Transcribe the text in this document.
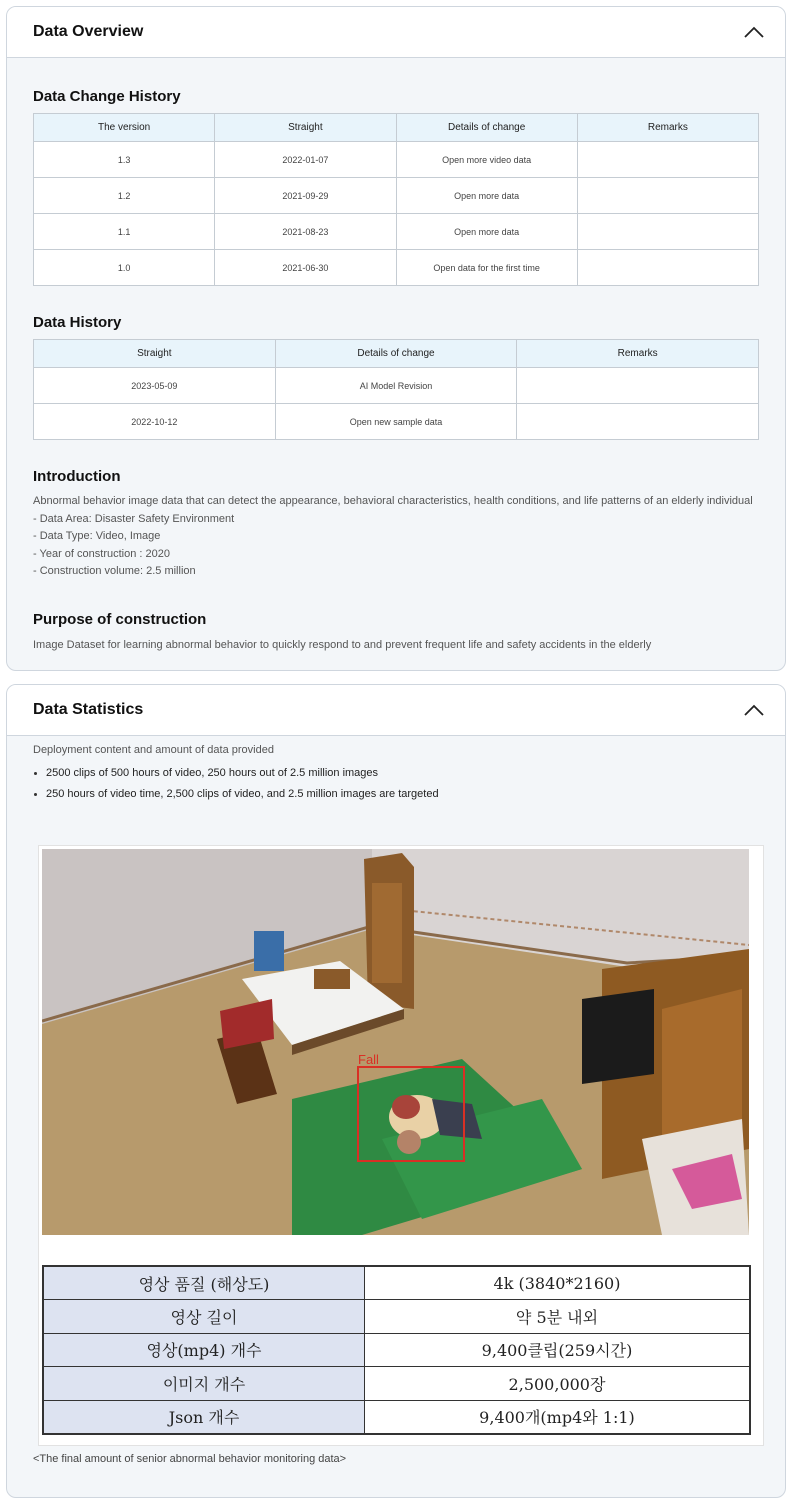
Data Overview
Data Change History
The version	Straight	Details of change	Remarks
1.3	2022-01-07	Open more video data	
1.2	2021-09-29	Open more data	
1.1	2021-08-23	Open more data	
1.0	2021-06-30	Open data for the first time	
Data History
Straight	Details of change	Remarks
2023-05-09	AI Model Revision	
2022-10-12	Open new sample data	
Introduction
Abnormal behavior image data that can detect the appearance, behavioral characteristics, health conditions, and life patterns of an elderly individual
- Data Area: Disaster Safety Environment
- Data Type: Video, Image
- Year of construction : 2020
- Construction volume: 2.5 million
Purpose of construction
Image Dataset for learning abnormal behavior to quickly respond to and prevent frequent life and safety accidents in the elderly
Data Statistics
Deployment content and amount of data provided
2500 clips of 500 hours of video, 250 hours out of 2.5 million images
250 hours of video time, 2,500 clips of video, and 2.5 million images are targeted
Fall
영상 품질 (해상도)	4k (3840*2160)
영상 길이	약 5분 내외
영상(mp4) 개수	9,400클립(259시간)
이미지 개수	2,500,000장
Json 개수	9,400개(mp4와 1:1)
<The final amount of senior abnormal behavior monitoring data>
